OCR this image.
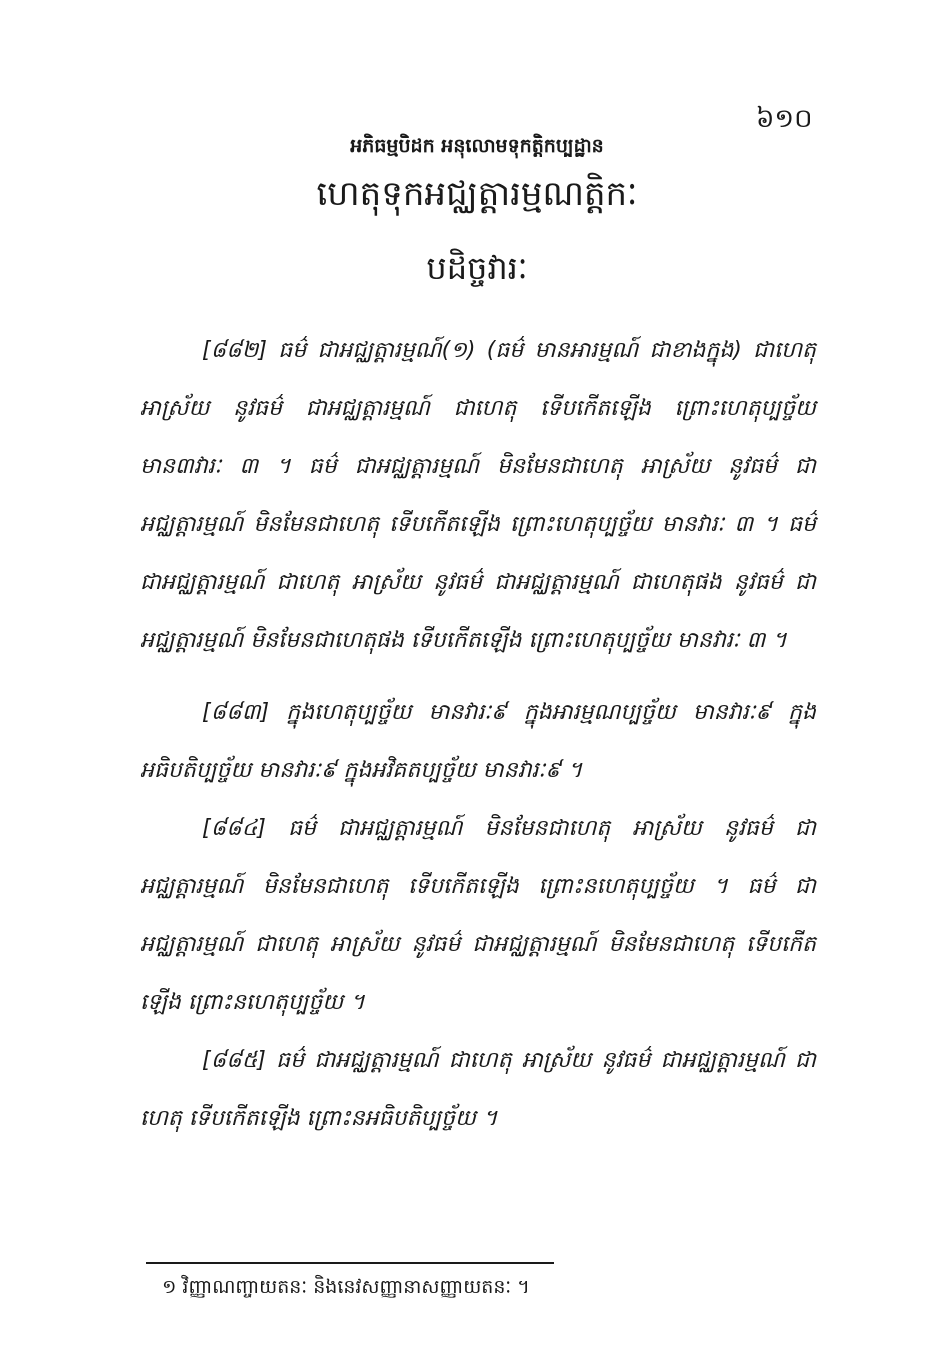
៦១០
អភិធម្មបិដក អនុលោមទុកត្តិកប្បដ្ឋាន
ហេតុទុកអជ្ឈត្តារម្មណត្តិកៈ
បដិច្ចវារៈ

[៨៨២] ធម៌ ជាអជ្ឈត្តារម្មណ៍(១) (ធម៌ មានអារម្មណ៍ ជាខាងក្នុង) ជាហេតុ អាស្រ័យ នូវធម៌ ជាអជ្ឈត្តារម្មណ៍ ជាហេតុ ទើបកើតឡើង ព្រោះហេតុប្បច្ច័យ មាន៣វារៈ ៣ ។ ធម៌ ជាអជ្ឈត្តារម្មណ៍ មិនមែនជាហេតុ អាស្រ័យ នូវធម៌ ជាអជ្ឈត្តារម្មណ៍ មិនមែនជាហេតុ ទើបកើតឡើង ព្រោះហេតុប្បច្ច័យ មានវារៈ ៣ ។ ធម៌ ជាអជ្ឈត្តារម្មណ៍ ជាហេតុ អាស្រ័យ នូវធម៌ ជាអជ្ឈត្តារម្មណ៍ ជាហេតុផង នូវធម៌ ជាអជ្ឈត្តារម្មណ៍ មិនមែនជាហេតុផង ទើបកើតឡើង ព្រោះហេតុប្បច្ច័យ មានវារៈ ៣ ។

[៨៨៣] ក្នុងហេតុប្បច្ច័យ មានវារៈ៩ ក្នុងអារម្មណប្បច្ច័យ មានវារៈ៩ ក្នុងអធិបតិប្បច្ច័យ មានវារៈ៩ ក្នុងអវិគតប្បច្ច័យ មានវារៈ៩ ។

[៨៨៤] ធម៌ ជាអជ្ឈត្តារម្មណ៍ មិនមែនជាហេតុ អាស្រ័យ នូវធម៌ ជាអជ្ឈត្តារម្មណ៍ មិនមែនជាហេតុ ទើបកើតឡើង ព្រោះនហេតុប្បច្ច័យ ។ ធម៌ ជាអជ្ឈត្តារម្មណ៍ ជាហេតុ អាស្រ័យ នូវធម៌ ជាអជ្ឈត្តារម្មណ៍ មិនមែនជាហេតុ ទើបកើតឡើង ព្រោះនហេតុប្បច្ច័យ ។

[៨៨៥] ធម៌ ជាអជ្ឈត្តារម្មណ៍ ជាហេតុ អាស្រ័យ នូវធម៌ ជាអជ្ឈត្តារម្មណ៍ ជាហេតុ ទើបកើតឡើង ព្រោះនអធិបតិប្បច្ច័យ ។

១ វិញ្ញាណញ្ចាយតនៈ និងនេវសញ្ញានាសញ្ញាយតនៈ ។
